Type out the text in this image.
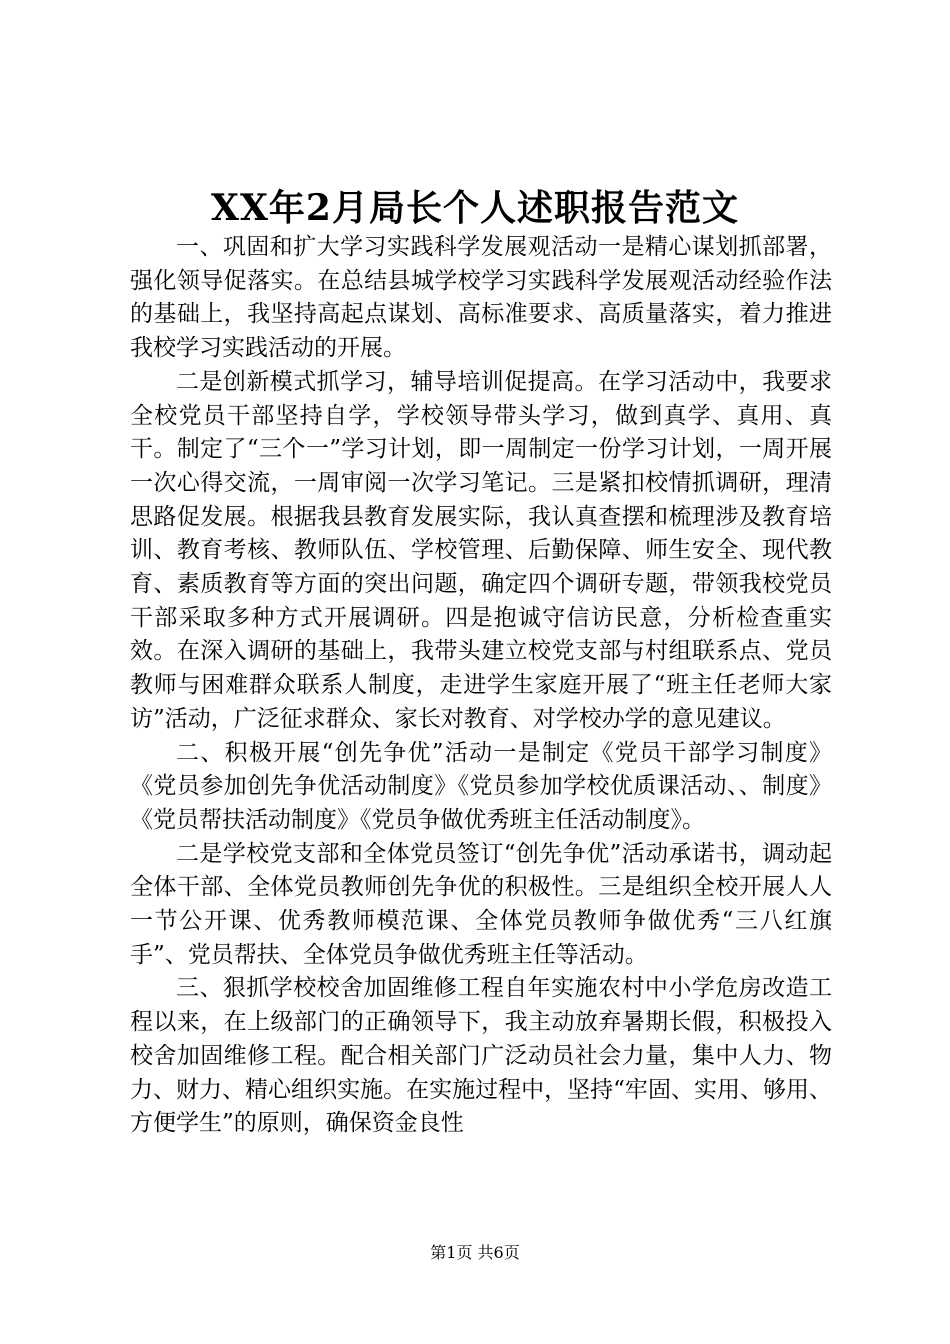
XX年2月局长个人述职报告范文

一、巩固和扩大学习实践科学发展观活动一是精心谋划抓部署，强化领导促落实。在总结县城学校学习实践科学发展观活动经验作法的基础上，我坚持高起点谋划、高标准要求、高质量落实，着力推进我校学习实践活动的开展。

二是创新模式抓学习，辅导培训促提高。在学习活动中，我要求全校党员干部坚持自学，学校领导带头学习，做到真学、真用、真干。制定了“三个一”学习计划，即一周制定一份学习计划，一周开展一次心得交流，一周审阅一次学习笔记。三是紧扣校情抓调研，理清思路促发展。根据我县教育发展实际，我认真查摆和梳理涉及教育培训、教育考核、教师队伍、学校管理、后勤保障、师生安全、现代教育、素质教育等方面的突出问题，确定四个调研专题，带领我校党员干部采取多种方式开展调研。四是抱诚守信访民意，分析检查重实效。在深入调研的基础上，我带头建立校党支部与村组联系点、党员教师与困难群众联系人制度，走进学生家庭开展了“班主任老师大家访”活动，广泛征求群众、家长对教育、对学校办学的意见建议。

二、积极开展“创先争优”活动一是制定《党员干部学习制度》《党员参加创先争优活动制度》《党员参加学校优质课活动、、制度》《党员帮扶活动制度》《党员争做优秀班主任活动制度》。

二是学校党支部和全体党员签订“创先争优”活动承诺书，调动起全体干部、全体党员教师创先争优的积极性。三是组织全校开展人人一节公开课、优秀教师模范课、全体党员教师争做优秀“三八红旗手”、党员帮扶、全体党员争做优秀班主任等活动。

三、狠抓学校校舍加固维修工程自年实施农村中小学危房改造工程以来，在上级部门的正确领导下，我主动放弃暑期长假，积极投入校舍加固维修工程。配合相关部门广泛动员社会力量，集中人力、物力、财力、精心组织实施。在实施过程中，坚持“牢固、实用、够用、方便学生”的原则，确保资金良性

第1页 共6页
